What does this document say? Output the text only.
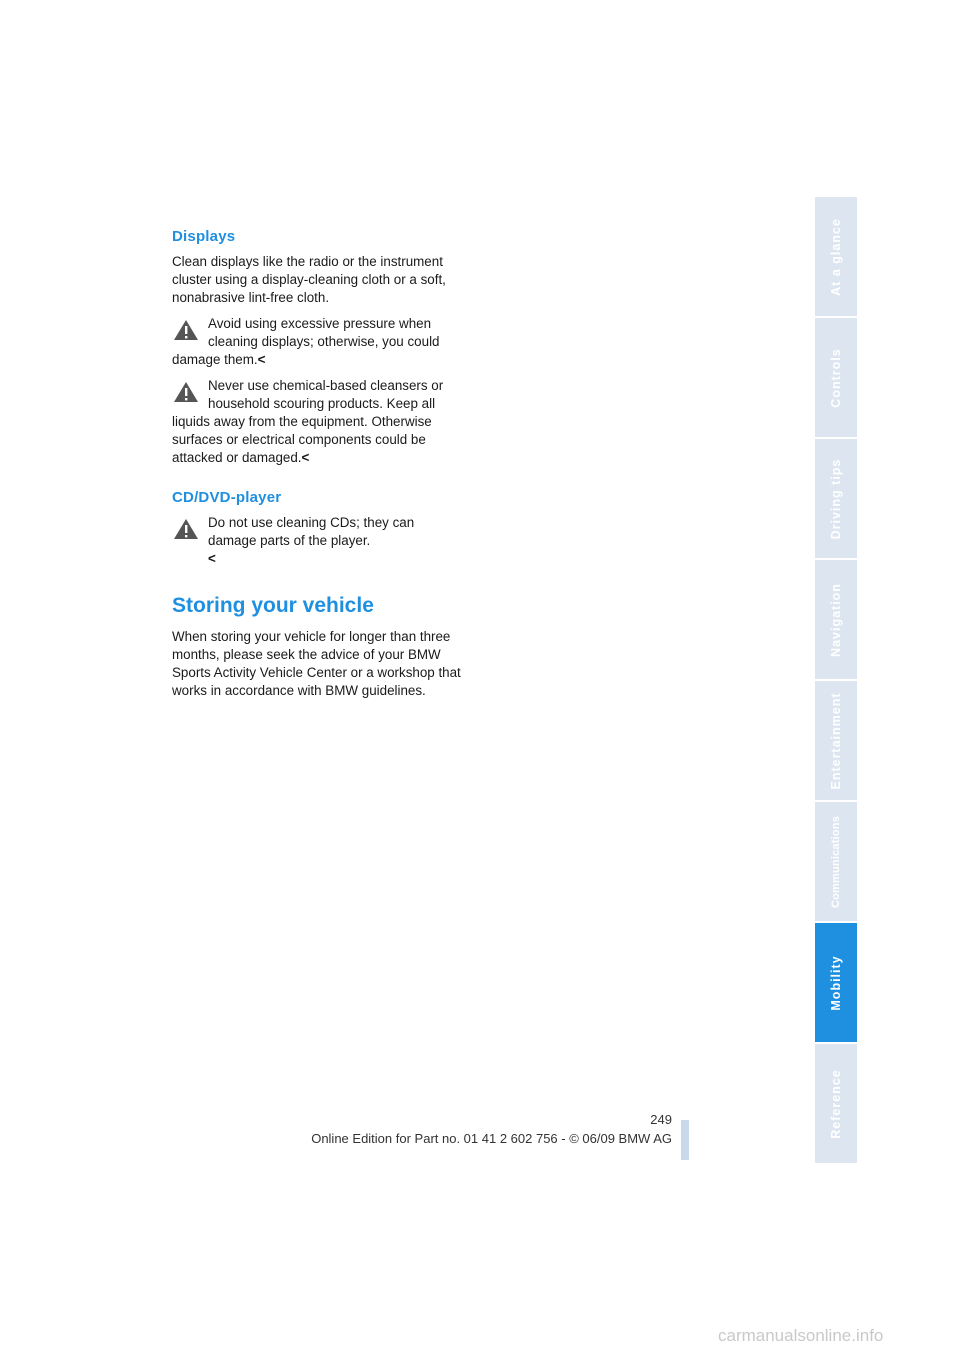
Displays

Clean displays like the radio or the instrument cluster using a display-cleaning cloth or a soft, nonabrasive lint-free cloth.

Avoid using excessive pressure when cleaning displays; otherwise, you could
damage them.<
Never use chemical-based cleansers or household scouring products. Keep all
liquids away from the equipment. Otherwise surfaces or electrical components could be attacked or damaged.<
CD/DVD-player
Do not use cleaning CDs; they can damage parts of the player.
<
Storing your vehicle

When storing your vehicle for longer than three months, please seek the advice of your BMW Sports Activity Vehicle Center or a workshop that works in accordance with BMW guidelines.

At a glance
Controls
Driving tips
Navigation
Entertainment
Communications
Mobility
Reference
249
Online Edition for Part no. 01 41 2 602 756 - © 06/09 BMW AG
carmanualsonline.info
